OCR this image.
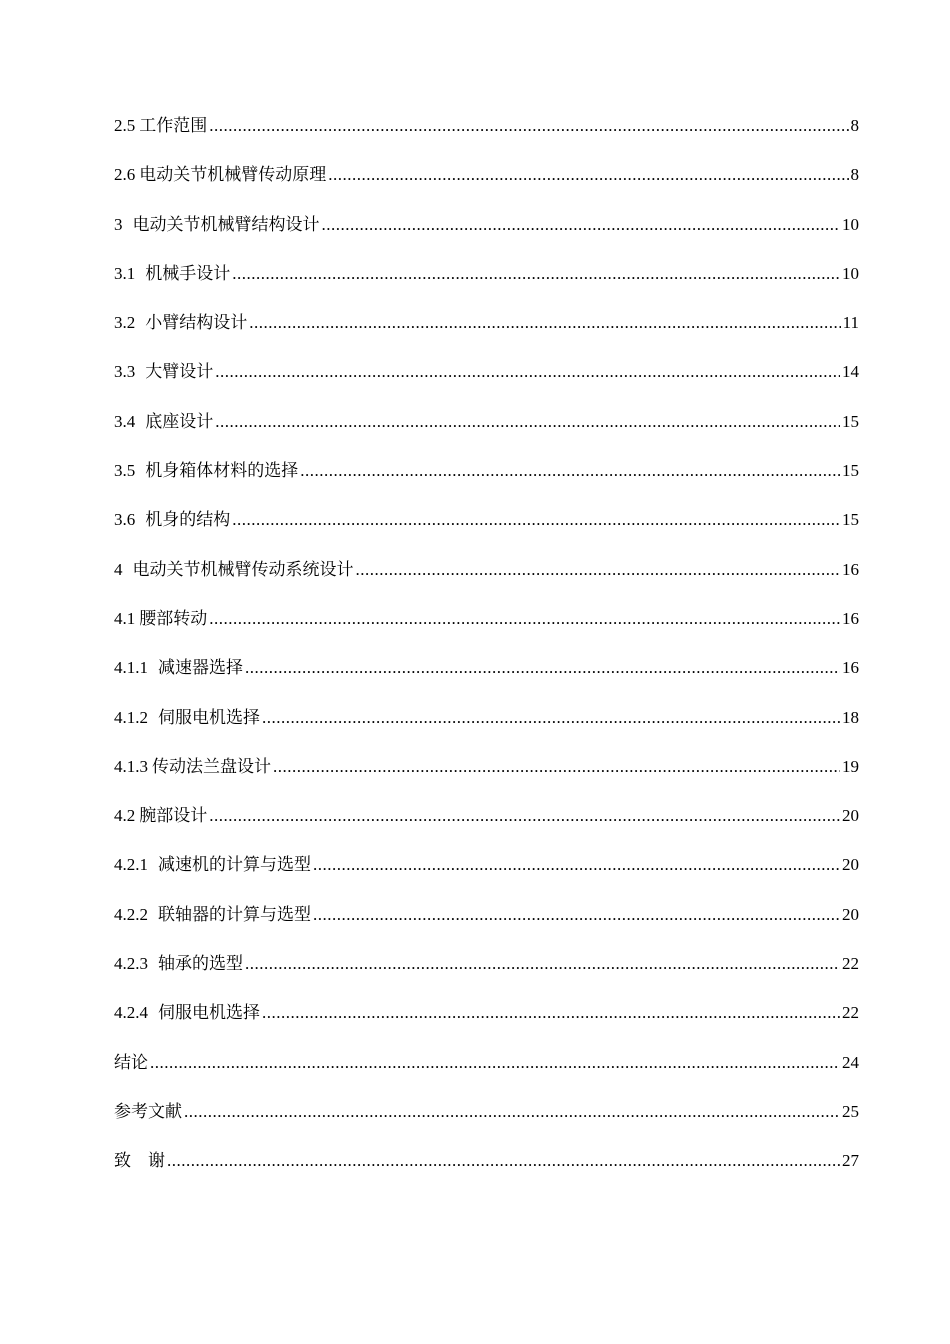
2.5 工作范围 .....	8
2.6 电动关节机械臂传动原理 .....	8
3 电动关节机械臂结构设计 .....	10
3.1 机械手设计 .....	10
3.2 小臂结构设计 .....	11
3.3 大臂设计 .....	14
3.4 底座设计 .....	15
3.5 机身箱体材料的选择 .....	15
3.6 机身的结构 .....	15
4 电动关节机械臂传动系统设计 .....	16
4.1 腰部转动 .....	16
4.1.1 减速器选择 .....	16
4.1.2 伺服电机选择 .....	18
4.1.3 传动法兰盘设计 .....	19
4.2 腕部设计 .....	20
4.2.1 减速机的计算与选型 .....	20
4.2.2 联轴器的计算与选型 .....	20
4.2.3 轴承的选型 .....	22
4.2.4 伺服电机选择 .....	22
结论 .....	24
参考文献 .....	25
致　谢 .....	27
